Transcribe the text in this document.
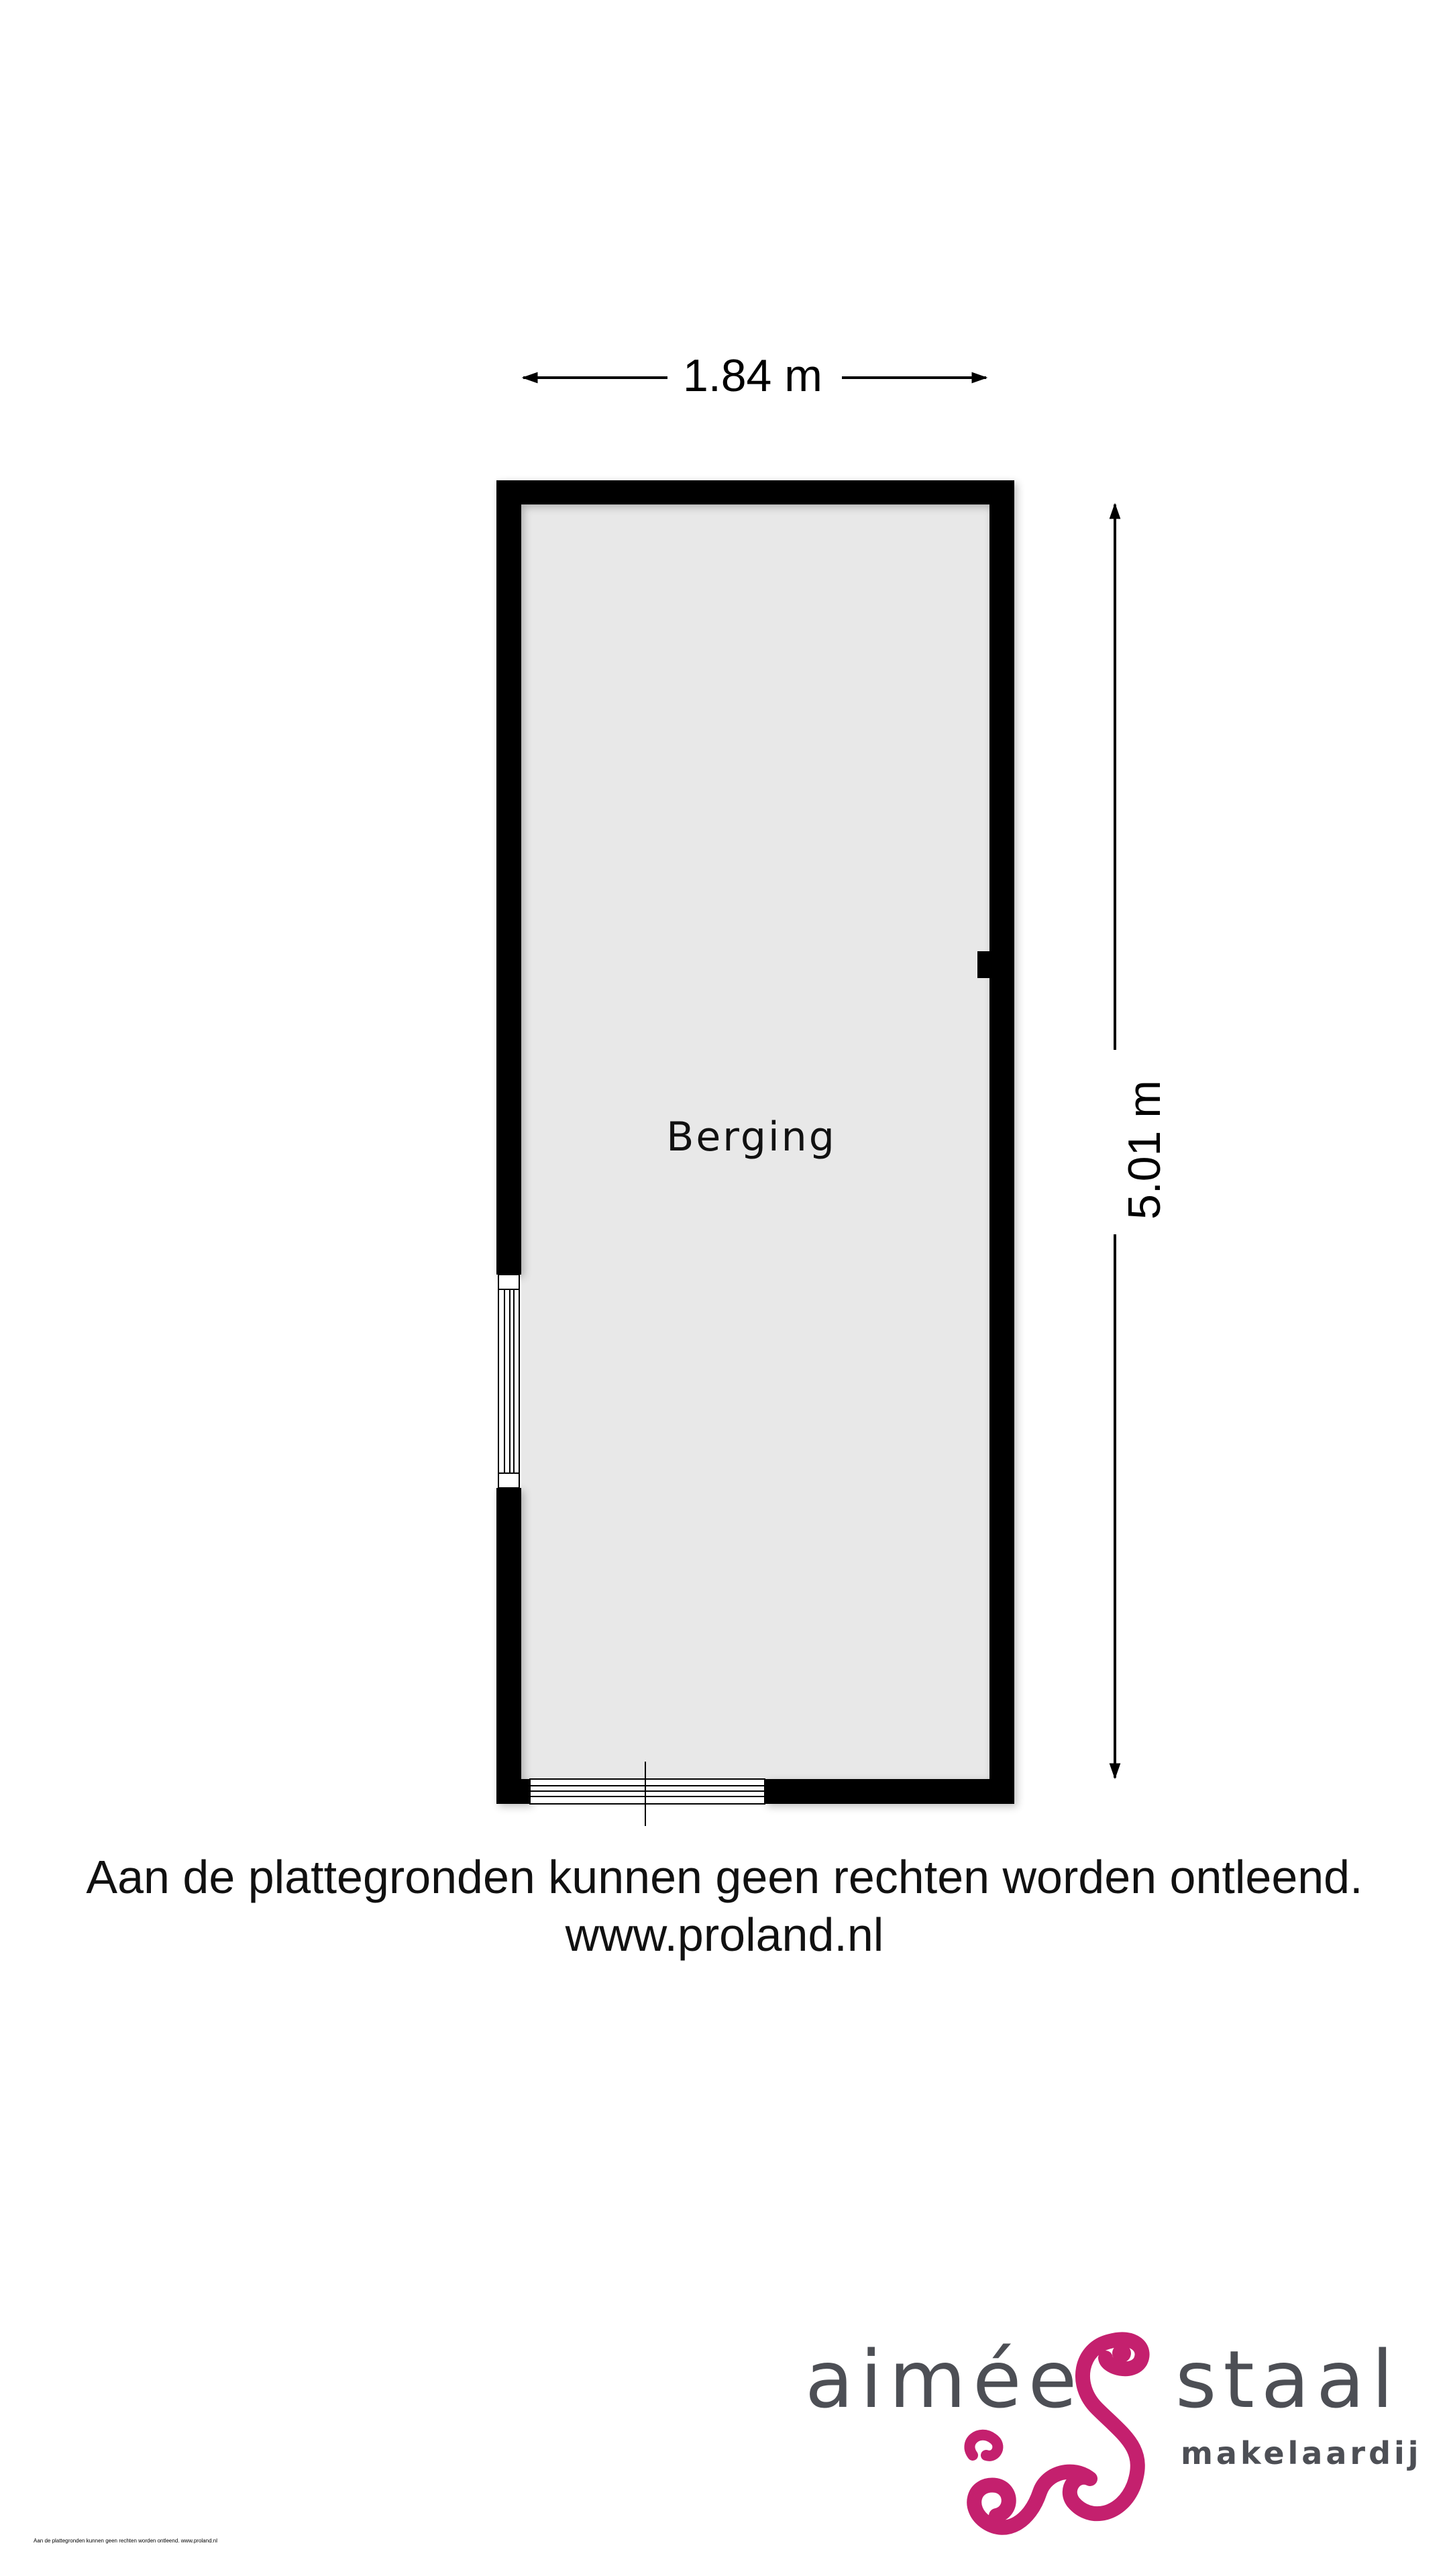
1.84 m
5.01 m
Berging
Aan de plattegronden kunnen geen rechten worden ontleend.
www.proland.nl
aimée staal
makelaardij
Aan de plattegronden kunnen geen rechten worden ontleend. www.proland.nl
